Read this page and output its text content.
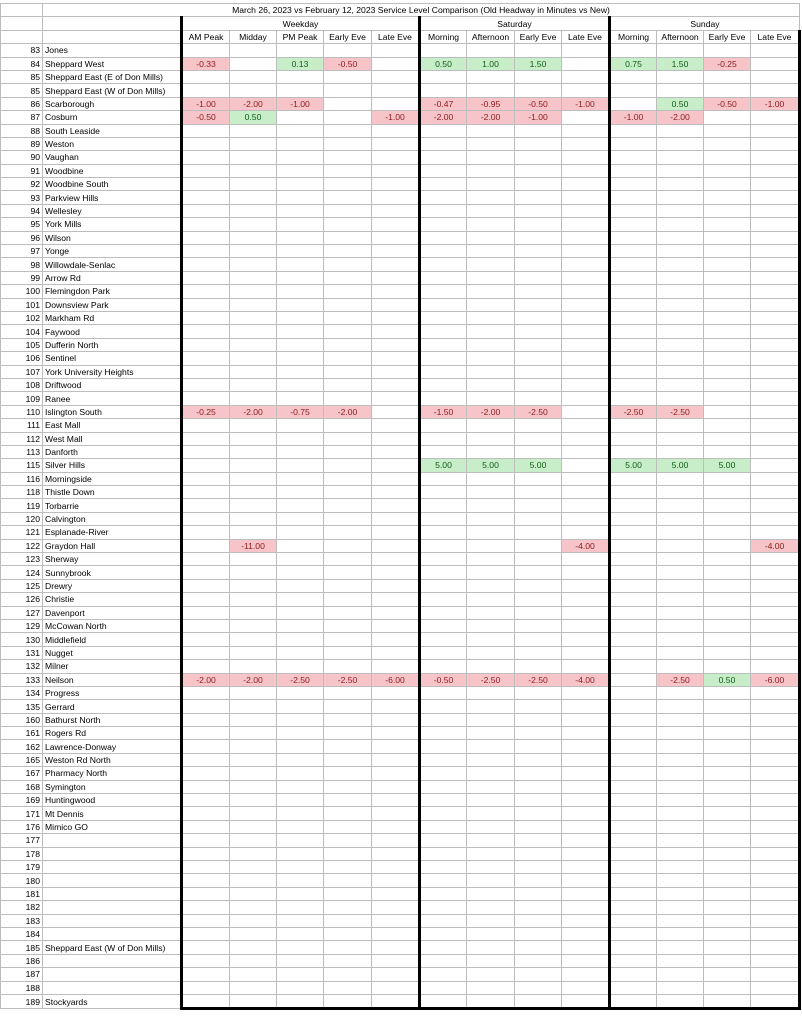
	March 26, 2023 vs February 12, 2023 Service Level Comparison (Old Headway in Minutes vs New)													
		Weekday					Saturday				Sunday			
		AM Peak	Midday	PM Peak	Early Eve	Late Eve	Morning	Afternoon	Early Eve	Late Eve	Morning	Afternoon	Early Eve	Late Eve
83	Jones													
84	Sheppard West	-0.33		0.13	-0.50		0.50	1.00	1.50		0.75	1.50	-0.25	
85	Sheppard East (E of Don Mills)													
85	Sheppard East (W of Don Mills)													
86	Scarborough	-1.00	-2.00	-1.00			-0.47	-0.95	-0.50	-1.00		0.50	-0.50	-1.00
87	Cosburn	-0.50	0.50			-1.00	-2.00	-2.00	-1.00		-1.00	-2.00		
88	South Leaside													
89	Weston													
90	Vaughan													
91	Woodbine													
92	Woodbine South													
93	Parkview Hills													
94	Wellesley													
95	York Mills													
96	Wilson													
97	Yonge													
98	Willowdale-Senlac													
99	Arrow Rd													
100	Flemingdon Park													
101	Downsview Park													
102	Markham Rd													
104	Faywood													
105	Dufferin North													
106	Sentinel													
107	York University Heights													
108	Driftwood													
109	Ranee													
110	Islington South	-0.25	-2.00	-0.75	-2.00		-1.50	-2.00	-2.50		-2.50	-2.50		
111	East Mall													
112	West Mall													
113	Danforth													
115	Silver Hills						5.00	5.00	5.00		5.00	5.00	5.00	
116	Morningside													
118	Thistle Down													
119	Torbarrie													
120	Calvington													
121	Esplanade-River													
122	Graydon Hall		-11.00							-4.00				-4.00
123	Sherway													
124	Sunnybrook													
125	Drewry													
126	Christie													
127	Davenport													
129	McCowan North													
130	Middlefield													
131	Nugget													
132	Milner													
133	Neilson	-2.00	-2.00	-2.50	-2.50	-6.00	-0.50	-2.50	-2.50	-4.00		-2.50	0.50	-6.00
134	Progress													
135	Gerrard													
160	Bathurst North													
161	Rogers Rd													
162	Lawrence-Donway													
165	Weston Rd North													
167	Pharmacy North													
168	Symington													
169	Huntingwood													
171	Mt Dennis													
176	Mimico GO													
177														
178														
179														
180														
181														
182														
183														
184														
185	Sheppard East (W of Don Mills)													
186														
187														
188														
189	Stockyards													
